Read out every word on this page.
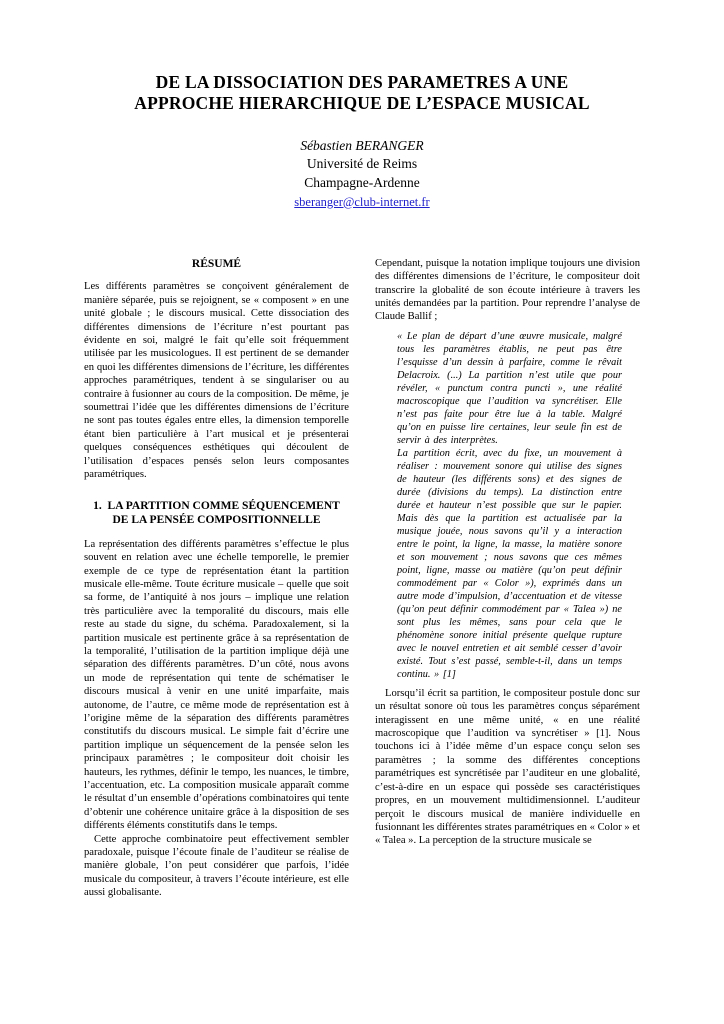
DE LA DISSOCIATION DES PARAMETRES A UNE APPROCHE HIERARCHIQUE DE L’ESPACE MUSICAL
Sébastien BERANGER
Université de Reims
Champagne-Ardenne
sberanger@club-internet.fr
RÉSUMÉ

Les différents paramètres se conçoivent généralement de manière séparée, puis se rejoignent, se « composent » en une unité globale ; le discours musical. Cette dissociation des différentes dimensions de l’écriture n’est pourtant pas évidente en soi, malgré le fait qu’elle soit fréquemment utilisée par les musicologues. Il est pertinent de se demander en quoi les différentes dimensions de l’écriture, les différentes approches paramétriques, tendent à se singulariser ou au contraire à fusionner au cours de la composition. De même, je soumettrai l’idée que les différentes dimensions de l’écriture ne sont pas toutes égales entre elles, la dimension temporelle étant bien particulière à l’art musical et je présenterai quelques conséquences esthétiques qui découlent de l’utilisation d’espaces pensés selon leurs composantes paramétriques.

1.  LA PARTITION COMME SÉQUENCEMENT DE LA PENSÉE COMPOSITIONNELLE

La représentation des différents paramètres s’effectue le plus souvent en relation avec une échelle temporelle, le premier exemple de ce type de représentation étant la partition musicale elle-même. Toute écriture musicale – quelle que soit sa forme, de l’antiquité à nos jours – implique une relation très particulière avec la temporalité du discours, mais elle reste au stade du signe, du schéma. Paradoxalement, si la partition musicale est pertinente grâce à sa représentation de la temporalité, l’utilisation de la partition implique déjà une séparation des différents paramètres. D’un côté, nous avons un mode de représentation qui tente de schématiser le discours musical à venir en une unité imparfaite, mais autonome, de l’autre, ce même mode de représentation est à l’origine même de la séparation des différents paramètres constitutifs du discours musical. Le simple fait d’écrire une partition implique un séquencement de la pensée selon les principaux paramètres ; le compositeur doit choisir les hauteurs, les rythmes, définir le tempo, les nuances, le timbre, l’accentuation, etc. La composition musicale apparaît comme le résultat d’un ensemble d’opérations combinatoires qui tente d’obtenir une cohérence unitaire grâce à la disposition de ses différents éléments constitutifs dans le temps.

Cette approche combinatoire peut effectivement sembler paradoxale, puisque l’écoute finale de l’auditeur se réalise de manière globale, l’on peut considérer que parfois, l’idée musicale du compositeur, à travers l’écoute intérieure, est elle aussi globalisante.

Cependant, puisque la notation implique toujours une division des différentes dimensions de l’écriture, le compositeur doit transcrire la globalité de son écoute intérieure à travers les unités demandées par la partition. Pour reprendre l’analyse de Claude Ballif ;

« Le plan de départ d’une œuvre musicale, malgré tous les paramètres établis, ne peut pas être l’esquisse d’un dessin à parfaire, comme le rêvait Delacroix. (...) La partition n’est utile que pour révéler, « punctum contra puncti », une réalité macroscopique que l’audition va syncrétiser. Elle n’est pas faite pour être lue à la table. Malgré qu’on en puisse lire certaines, leur seule fin est de servir à des interprètes.

La partition écrit, avec du fixe, un mouvement à réaliser : mouvement sonore qui utilise des signes de hauteur (les différents sons) et des signes de durée (divisions du temps). La distinction entre durée et hauteur n’est possible que sur le papier. Mais dès que la partition est actualisée par la musique jouée, nous savons qu’il y a interaction entre le point, la ligne, la masse, la matière sonore et son mouvement ; nous savons que ces mêmes point, ligne, masse ou matière (qu’on peut définir commodément par « Color »), exprimés dans un autre mode d’impulsion, d’accentuation et de vitesse (qu’on peut définir commodément par « Talea ») ne sont plus les mêmes, sans pour cela que le phénomène sonore initial présente quelque rupture avec le nouvel entretien et ait semblé cesser d’avoir existé. Tout s’est passé, semble-t-il, dans un temps continu. » [1]

Lorsqu’il écrit sa partition, le compositeur postule donc sur un résultat sonore où tous les paramètres conçus séparément interagissent en une même unité, « en une réalité macroscopique que l’audition va syncrétiser » [1]. Nous touchons ici à l’idée même d’un espace conçu selon ses paramètres ; la somme des différentes conceptions paramétriques est syncrétisée par l’auditeur en une globalité, c’est-à-dire en un espace qui possède ses caractéristiques propres, en un mouvement multidimensionnel. L’auditeur perçoit le discours musical de manière individuelle en fusionnant les différentes strates paramétriques en « Color » et « Talea ». La perception de la structure musicale se
